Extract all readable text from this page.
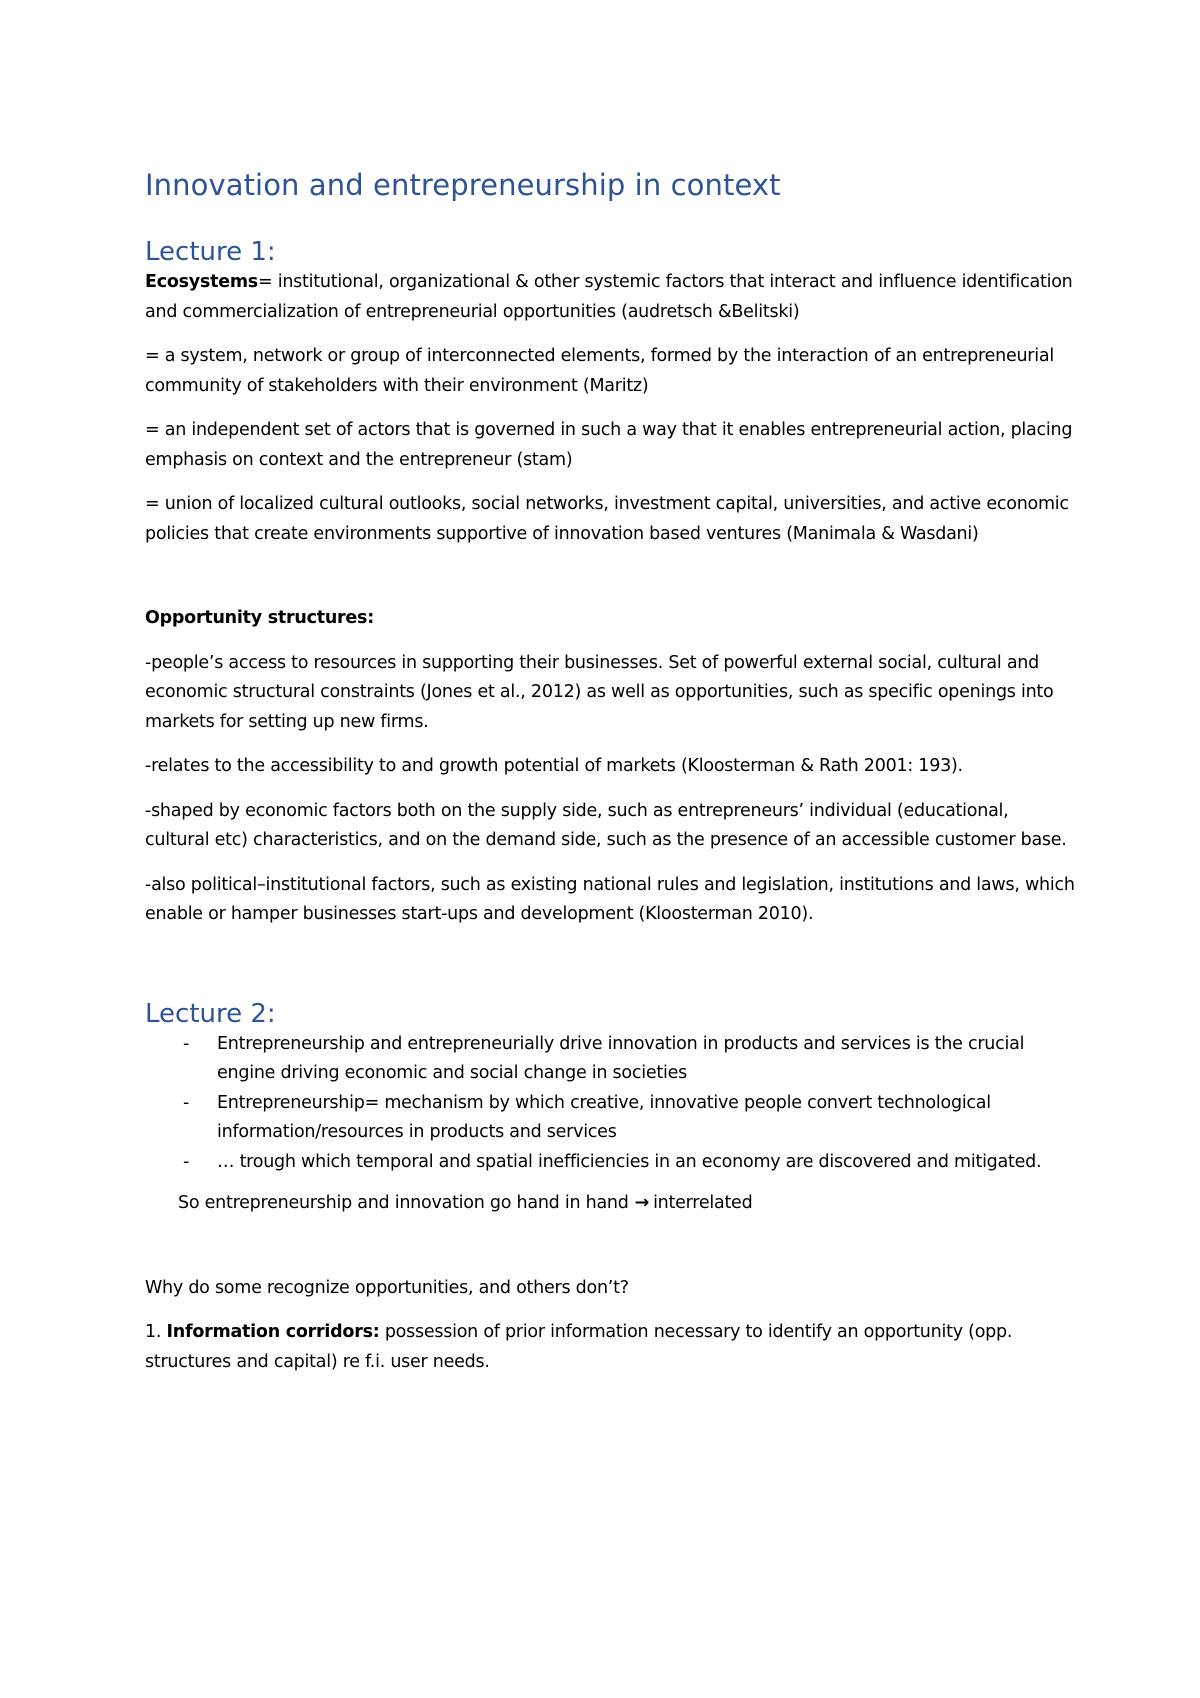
Innovation and entrepreneurship in context
Lecture 1:

Ecosystems= institutional, organizational & other systemic factors that interact and influence identification and commercialization of entrepreneurial opportunities (audretsch &Belitski)

= a system, network or group of interconnected elements, formed by the interaction of an entrepreneurial community of stakeholders with their environment (Maritz)

= an independent set of actors that is governed in such a way that it enables entrepreneurial action, placing emphasis on context and the entrepreneur (stam)

= union of localized cultural outlooks, social networks, investment capital, universities, and active economic policies that create environments supportive of innovation based ventures (Manimala & Wasdani)

Opportunity structures:

-people’s access to resources in supporting their businesses. Set of powerful external social, cultural and economic structural constraints (Jones et al., 2012) as well as opportunities, such as specific openings into markets for setting up new firms.

-relates to the accessibility to and growth potential of markets (Kloosterman & Rath 2001: 193).

-shaped by economic factors both on the supply side, such as entrepreneurs’ individual (educational, cultural etc) characteristics, and on the demand side, such as the presence of an accessible customer base.

-also political–institutional factors, such as existing national rules and legislation, institutions and laws, which enable or hamper businesses start-ups and development (Kloosterman 2010).

Lecture 2:
- Entrepreneurship and entrepreneurially drive innovation in products and services is the crucial engine driving economic and social change in societies
- Entrepreneurship= mechanism by which creative, innovative people convert technological information/resources in products and services
- … trough which temporal and spatial inefficiencies in an economy are discovered and mitigated.

So entrepreneurship and innovation go hand in hand → interrelated

Why do some recognize opportunities, and others don’t?

1. Information corridors: possession of prior information necessary to identify an opportunity (opp. structures and capital) re f.i. user needs.
